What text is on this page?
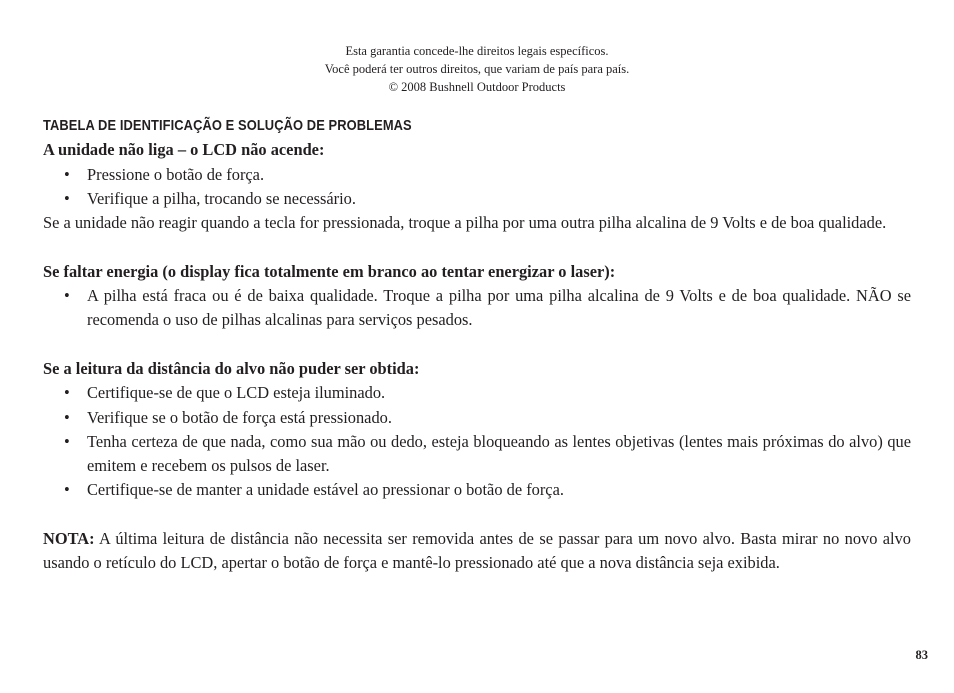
Esta garantia concede-lhe direitos legais específicos.
Você poderá ter outros direitos, que variam de país para país.
© 2008 Bushnell Outdoor Products
TABELA DE IDENTIFICAÇÃO E SOLUÇÃO DE PROBLEMAS
A unidade não liga – o LCD não acende:
• Pressione o botão de força.
• Verifique a pilha, trocando se necessário.
Se a unidade não reagir quando a tecla for pressionada, troque a pilha por uma outra pilha alcalina de 9 Volts e de boa qualidade.
Se faltar energia (o display fica totalmente em branco ao tentar energizar o laser):
• A pilha está fraca ou é de baixa qualidade. Troque a pilha por uma pilha alcalina de 9 Volts e de boa qualidade. NÃO se recomenda o uso de pilhas alcalinas para serviços pesados.
Se a leitura da distância do alvo não puder ser obtida:
• Certifique-se de que o LCD esteja iluminado.
• Verifique se o botão de força está pressionado.
• Tenha certeza de que nada, como sua mão ou dedo, esteja bloqueando as lentes objetivas (lentes mais próximas do alvo) que emitem e recebem os pulsos de laser.
• Certifique-se de manter a unidade estável ao pressionar o botão de força.
NOTA: A última leitura de distância não necessita ser removida antes de se passar para um novo alvo. Basta mirar no novo alvo usando o retículo do LCD, apertar o botão de força e mantê-lo pressionado até que a nova distância seja exibida.
83
